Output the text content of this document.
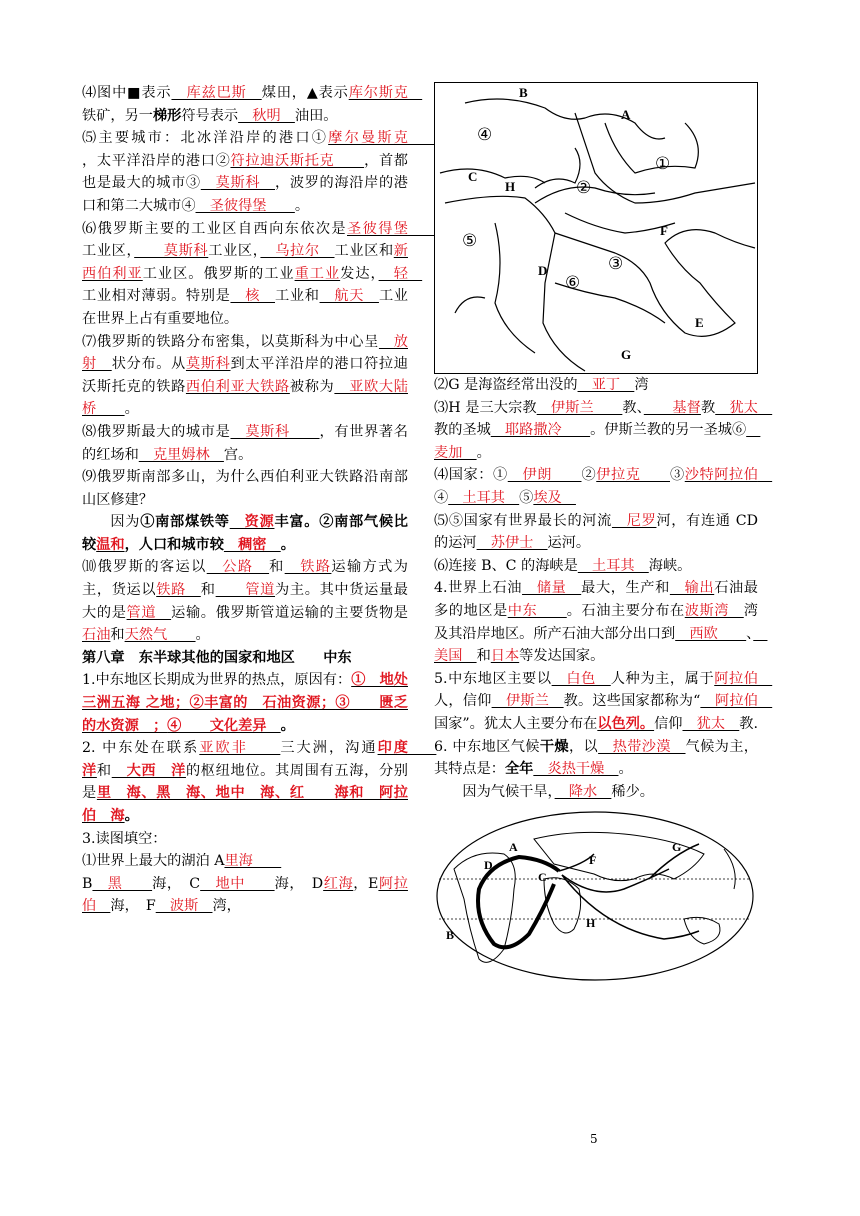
⑷图中■表示　库兹巴斯　煤田，▲表示库尔斯克　铁矿，另一梯形符号表示　秋明　油田。

⑸主要城市：北冰洋沿岸的港口①摩尔曼斯克　　　，太平洋沿岸的港口②符拉迪沃斯托克　　，首都也是最大的城市③　莫斯科　，波罗的海沿岸的港口和第二大城市④　圣彼得堡　　。

⑹俄罗斯主要的工业区自西向东依次是圣彼得堡　　工业区，　　莫斯科工业区，　乌拉尔　工业区和新西伯利亚工业区。俄罗斯的工业重工业发达，　轻　工业相对薄弱。特别是　核　工业和　航天　工业在世界上占有重要地位。

⑺俄罗斯的铁路分布密集，以莫斯科为中心呈　放射　状分布。从莫斯科到太平洋沿岸的港口符拉迪沃斯托克的铁路西伯利亚大铁路被称为　亚欧大陆桥　　。

⑻俄罗斯最大的城市是　莫斯科　　，有世界著名的红场和　克里姆林　宫。

⑼俄罗斯南部多山，为什么西伯利亚大铁路沿南部山区修建？

因为①南部煤铁等　资源丰富。②南部气候比较温和，人口和城市较　稠密　。

⑽俄罗斯的客运以　公路　和　铁路运输方式为主，货运以铁路　和　　管道为主。其中货运量最大的是管道　运输。俄罗斯管道运输的主要货物是石油和天然气　　。

第八章　东半球其他的国家和地区　　中东

1.中东地区长期成为世界的热点，原因有：①　地处三洲五海 之地；②丰富的　石油资源；③　　匮乏的水资源　；④　　文化差异　。

2. 中东处在联系亚欧非　　三大洲，沟通印度　　洋和　大西　洋的枢纽地位。其周围有五海，分别是里　海、黑　海、地中　海、红　　海和　阿拉伯　海。

3.读图填空：

⑴世界上最大的湖泊 A里海　　
B　黑　　海，　C　地中　　海，　D红海，E阿拉伯　海，　F　波斯　湾，

B
A
C
H
F
D
E
G
①
②
③
④
⑤
⑥

⑵G 是海盗经常出没的　亚丁　湾

⑶H 是三大宗教　伊斯兰　　教、　　基督教　犹太　教的圣城　耶路撒冷　　。伊斯兰教的另一圣城⑥　麦加　。

⑷国家：①　伊朗　　②伊拉克　　③沙特阿拉伯　④　土耳其　⑤埃及　

⑸⑤国家有世界最长的河流　尼罗河，有连通 CD 的运河　苏伊士　运河。

⑹连接 B、C 的海峡是　土耳其　海峡。

4.世界上石油　储量　最大，生产和　输出石油最多的地区是中东　　。石油主要分布在波斯湾　湾及其沿岸地区。所产石油大部分出口到　西欧　　、　美国　和日本等发达国家。

5.中东地区主要以　白色　人种为主，属于阿拉伯　人，信仰　伊斯兰　教。这些国家都称为“　阿拉伯　国家”。犹太人主要分布在以色列。信仰　犹太　教.

6. 中东地区气候干燥，以　热带沙漠　气候为主，其特点是：全年　炎热干燥　。

因为气候干旱，　降水　稀少。

A
B
C
D	F
G
H
5
